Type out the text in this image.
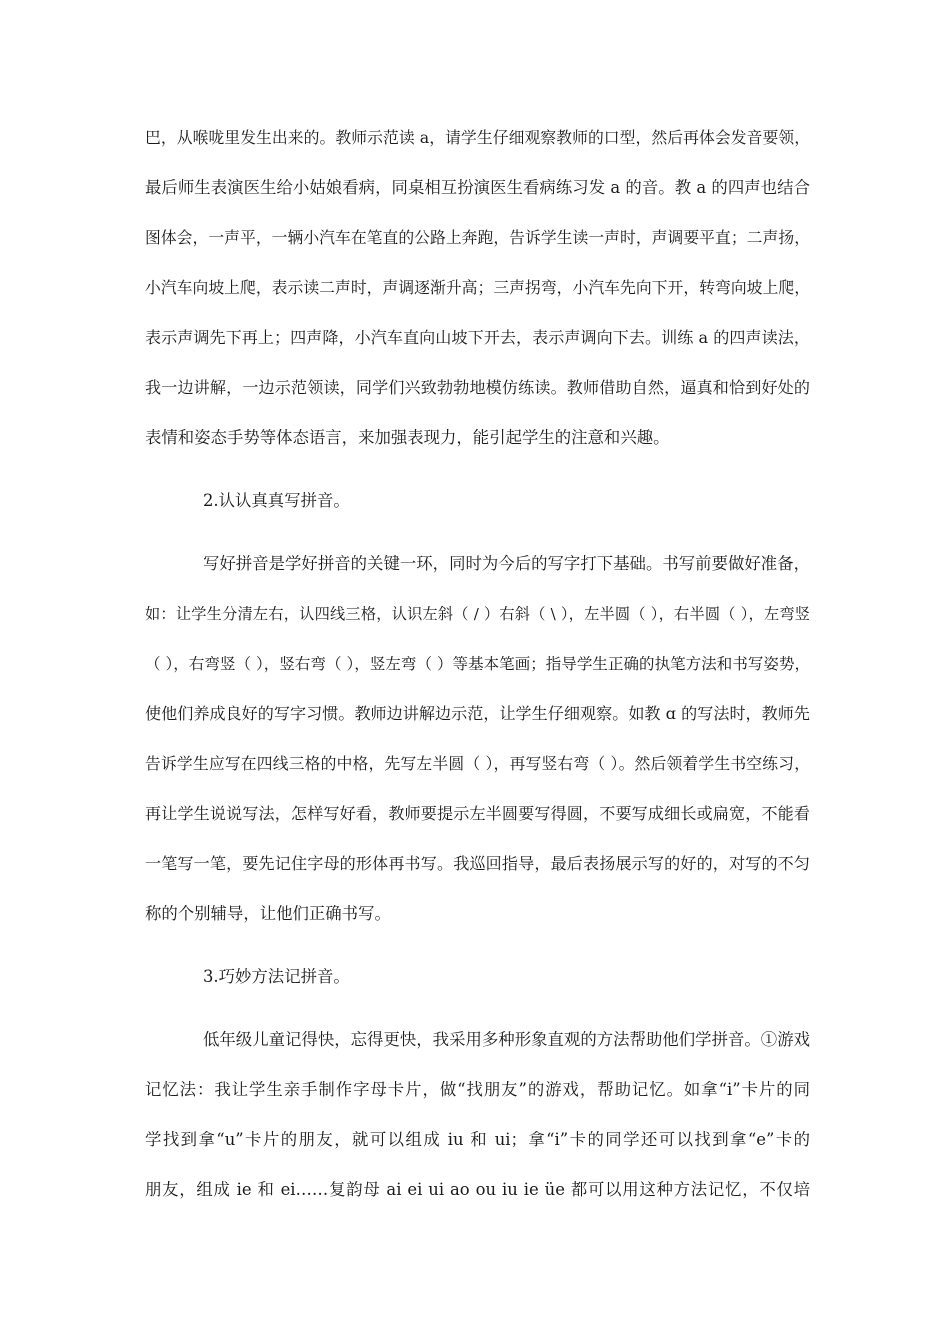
巴，从喉咙里发生出来的。教师示范读 a，请学生仔细观察教师的口型，然后再体会发音要领，
最后师生表演医生给小姑娘看病，同桌相互扮演医生看病练习发 a 的音。教 a 的四声也结合
图体会，一声平，一辆小汽车在笔直的公路上奔跑，告诉学生读一声时，声调要平直；二声扬，
小汽车向坡上爬，表示读二声时，声调逐渐升高；三声拐弯，小汽车先向下开，转弯向坡上爬，
表示声调先下再上；四声降，小汽车直向山坡下开去，表示声调向下去。训练 a 的四声读法，
我一边讲解，一边示范领读，同学们兴致勃勃地模仿练读。教师借助自然，逼真和恰到好处的
表情和姿态手势等体态语言，来加强表现力，能引起学生的注意和兴趣。
2.认认真真写拼音。
写好拼音是学好拼音的关键一环，同时为今后的写字打下基础。书写前要做好准备，
如：让学生分清左右，认四线三格，认识左斜（ / ）右斜（ \ ），左半圆（ ），右半圆（ ），左弯竖
（ ），右弯竖（ ），竖右弯（ ），竖左弯（ ）等基本笔画；指导学生正确的执笔方法和书写姿势，
使他们养成良好的写字习惯。教师边讲解边示范，让学生仔细观察。如教 ɑ 的写法时，教师先
告诉学生应写在四线三格的中格，先写左半圆（ ），再写竖右弯（ ）。然后领着学生书空练习，
再让学生说说写法，怎样写好看，教师要提示左半圆要写得圆，不要写成细长或扁宽，不能看
一笔写一笔，要先记住字母的形体再书写。我巡回指导，最后表扬展示写的好的，对写的不匀
称的个别辅导，让他们正确书写。
3.巧妙方法记拼音。
低年级儿童记得快，忘得更快，我采用多种形象直观的方法帮助他们学拼音。①游戏
记忆法：我让学生亲手制作字母卡片，做“找朋友”的游戏，帮助记忆。如拿“i”卡片的同
学找到拿“u”卡片的朋友，就可以组成 iu 和 ui；拿“i”卡的同学还可以找到拿“e”卡的
朋友，组成 ie 和 ei……复韵母 ai ei ui ao ou iu ie üe 都可以用这种方法记忆，不仅培
